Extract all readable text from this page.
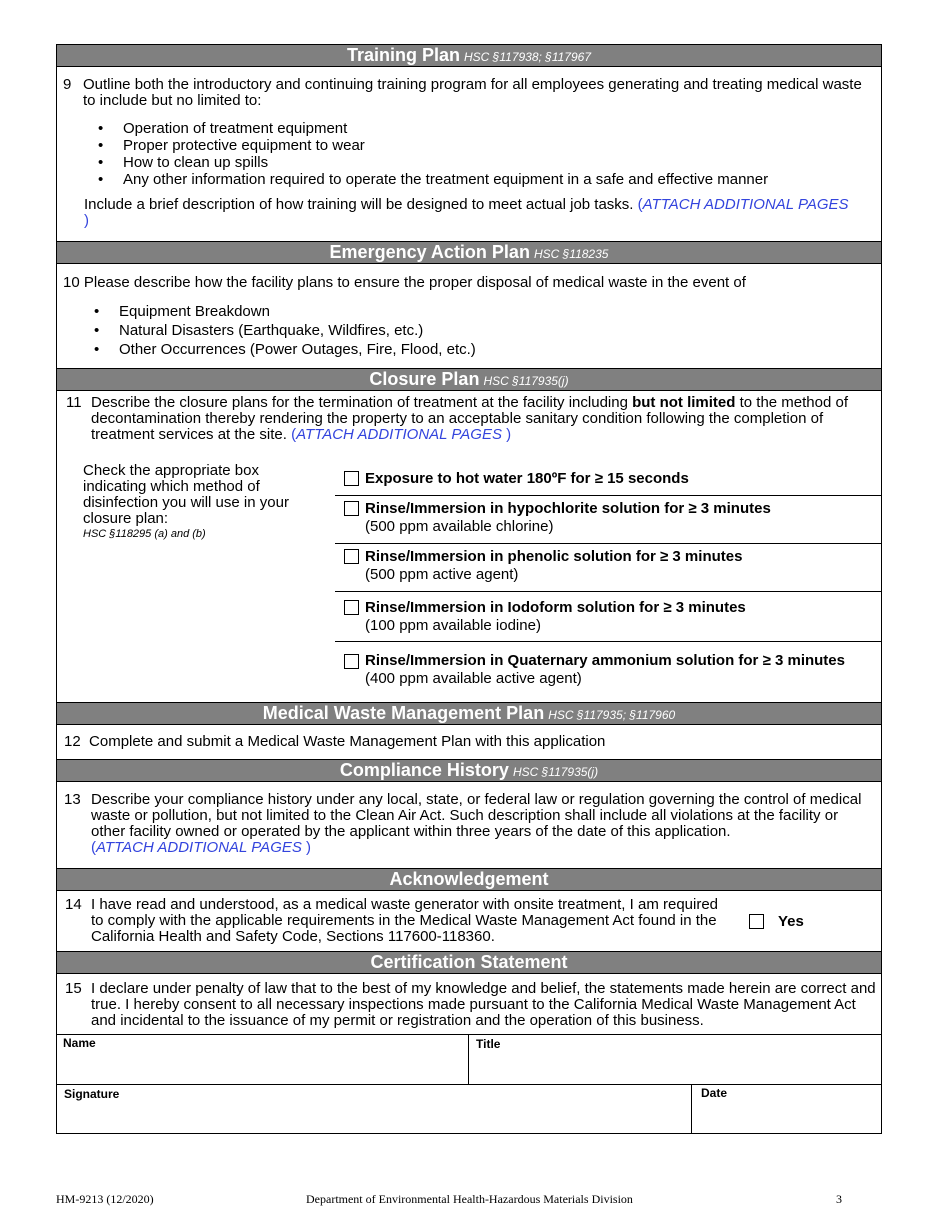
Training Plan HSC §117938; §117967
9 Outline both the introductory and continuing training program for all employees generating and treating medical waste to include but no limited to:
• Operation of treatment equipment
• Proper protective equipment to wear
• How to clean up spills
• Any other information required to operate the treatment equipment in a safe and effective manner
Include a brief description of how training will be designed to meet actual job tasks. (ATTACH ADDITIONAL PAGES )
Emergency Action Plan HSC §118235
10 Please describe how the facility plans to ensure the proper disposal of medical waste in the event of
• Equipment Breakdown
• Natural Disasters (Earthquake, Wildfires, etc.)
• Other Occurrences (Power Outages, Fire, Flood, etc.)
Closure Plan HSC §117935(j)
11 Describe the closure plans for the termination of treatment at the facility including but not limited to the method of decontamination thereby rendering the property to an acceptable sanitary condition following the completion of treatment services at the site. (ATTACH ADDITIONAL PAGES )
Check the appropriate box indicating which method of disinfection you will use in your closure plan:
HSC §118295 (a) and (b)
Exposure to hot water 180ºF for ≥ 15 seconds
Rinse/Immersion in hypochlorite solution for ≥ 3 minutes
(500 ppm available chlorine)
Rinse/Immersion in phenolic solution for ≥ 3 minutes
(500 ppm active agent)
Rinse/Immersion in Iodoform solution for ≥ 3 minutes
(100 ppm available iodine)
Rinse/Immersion in Quaternary ammonium solution for ≥ 3 minutes
(400 ppm available active agent)
Medical Waste Management Plan HSC §117935; §117960
12 Complete and submit a Medical Waste Management Plan with this application
Compliance History HSC §117935(j)
13 Describe your compliance history under any local, state, or federal law or regulation governing the control of medical waste or pollution, but not limited to the Clean Air Act. Such description shall include all violations at the facility or other facility owned or operated by the applicant within three years of the date of this application.
(ATTACH ADDITIONAL PAGES )
Acknowledgement
14 I have read and understood, as a medical waste generator with onsite treatment, I am required to comply with the applicable requirements in the Medical Waste Management Act found in the California Health and Safety Code, Sections 117600-118360.
Yes
Certification Statement
15 I declare under penalty of law that to the best of my knowledge and belief, the statements made herein are correct and true. I hereby consent to all necessary inspections made pursuant to the California Medical Waste Management Act and incidental to the issuance of my permit or registration and the operation of this business.
Name	Title
Signature	Date
HM-9213 (12/2020)	Department of Environmental Health-Hazardous Materials Division	3
